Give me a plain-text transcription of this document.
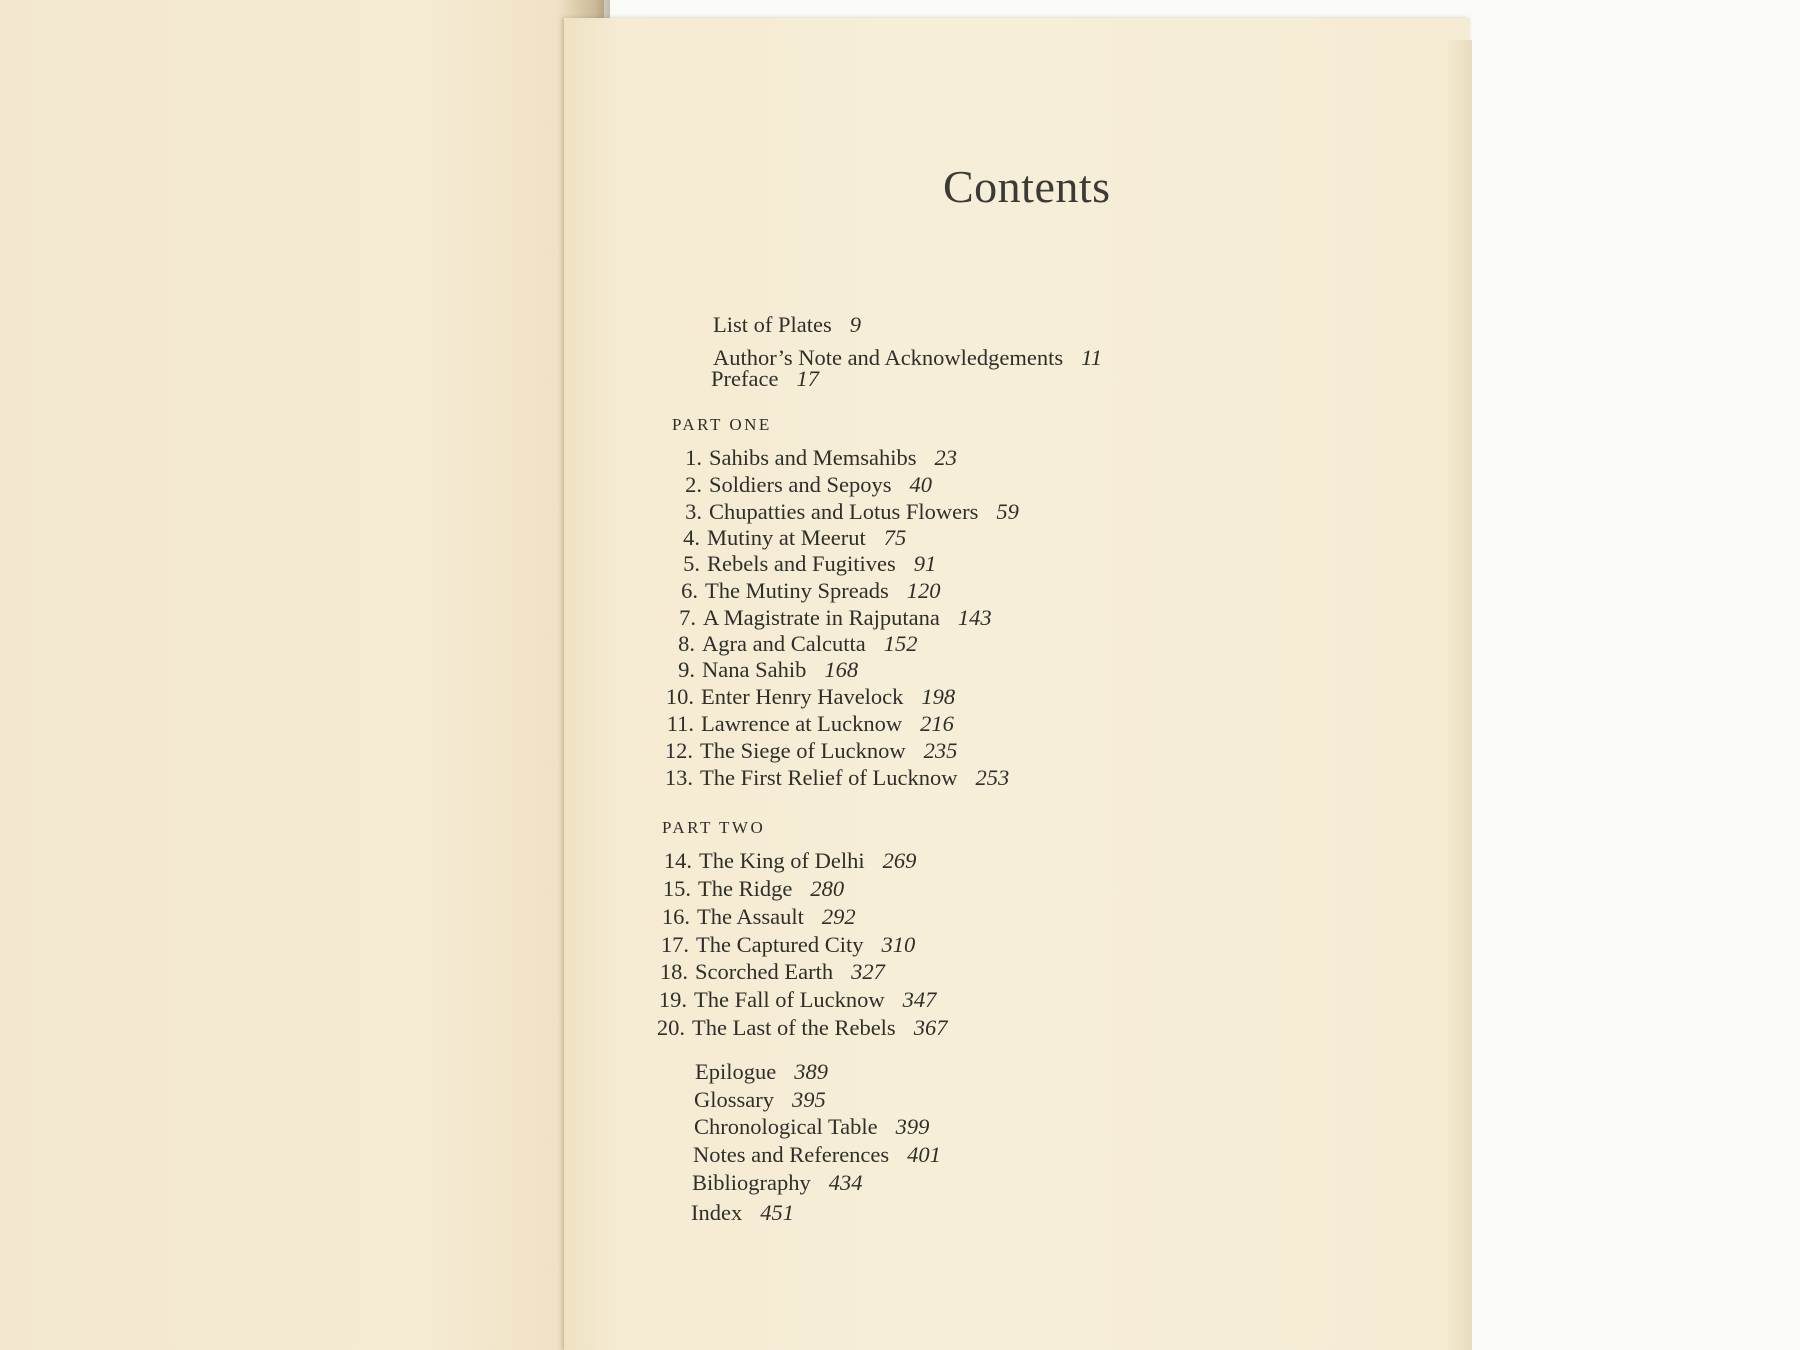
Contents
List of Plates 9
Author’s Note and Acknowledgements 11
Preface 17
PART ONE
1. Sahibs and Memsahibs 23
2. Soldiers and Sepoys 40
3. Chupatties and Lotus Flowers 59
4. Mutiny at Meerut 75
5. Rebels and Fugitives 91
6. The Mutiny Spreads 120
7. A Magistrate in Rajputana 143
8. Agra and Calcutta 152
9. Nana Sahib 168
10. Enter Henry Havelock 198
11. Lawrence at Lucknow 216
12. The Siege of Lucknow 235
13. The First Relief of Lucknow 253
PART TWO
14. The King of Delhi 269
15. The Ridge 280
16. The Assault 292
17. The Captured City 310
18. Scorched Earth 327
19. The Fall of Lucknow 347
20. The Last of the Rebels 367
Epilogue 389
Glossary 395
Chronological Table 399
Notes and References 401
Bibliography 434
Index 451
